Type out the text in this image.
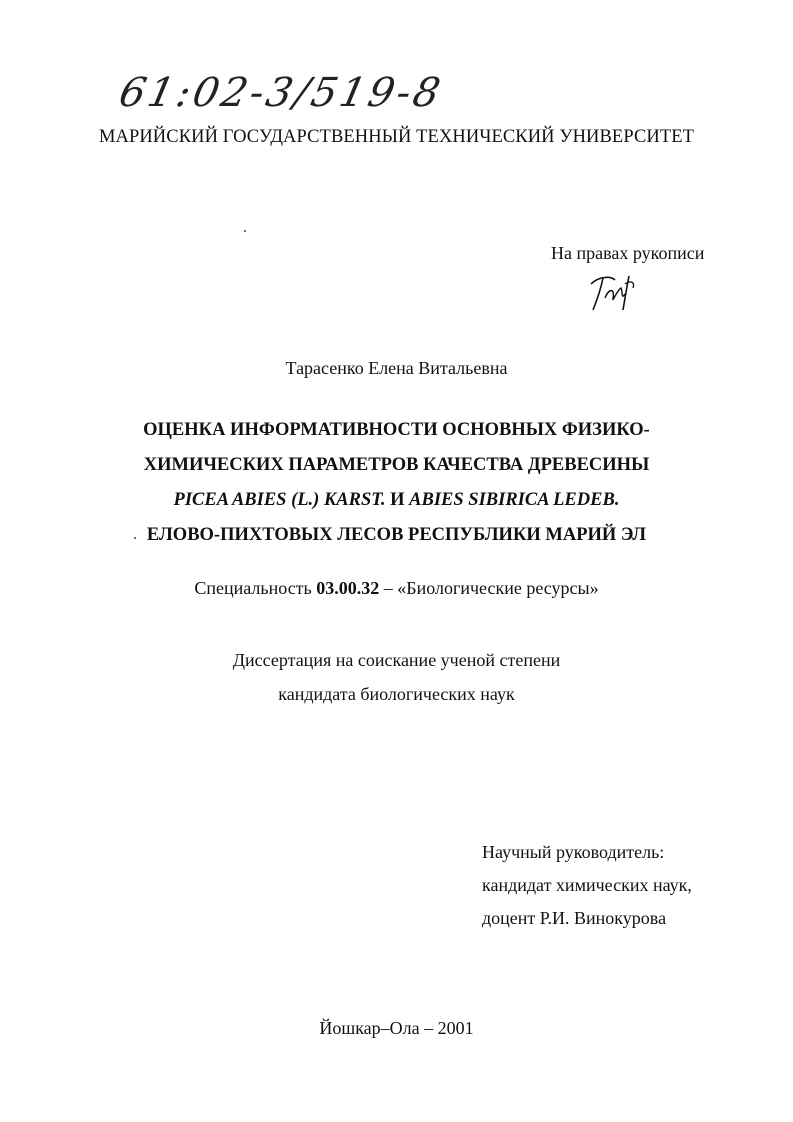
61:02-3/519-8
МАРИЙСКИЙ ГОСУДАРСТВЕННЫЙ ТЕХНИЧЕСКИЙ УНИВЕРСИТЕТ
На правах рукописи
Тарасенко Елена Витальевна
ОЦЕНКА ИНФОРМАТИВНОСТИ ОСНОВНЫХ ФИЗИКО-
ХИМИЧЕСКИХ ПАРАМЕТРОВ КАЧЕСТВА ДРЕВЕСИНЫ
PICEA ABIES (L.) KARST. И ABIES SIBIRICA LEDEB.
ЕЛОВО-ПИХТОВЫХ ЛЕСОВ РЕСПУБЛИКИ МАРИЙ ЭЛ
Специальность 03.00.32 – «Биологические ресурсы»
Диссертация на соискание ученой степени
кандидата биологических наук
Научный руководитель:
кандидат химических наук,
доцент Р.И. Винокурова
Йошкар–Ола – 2001
